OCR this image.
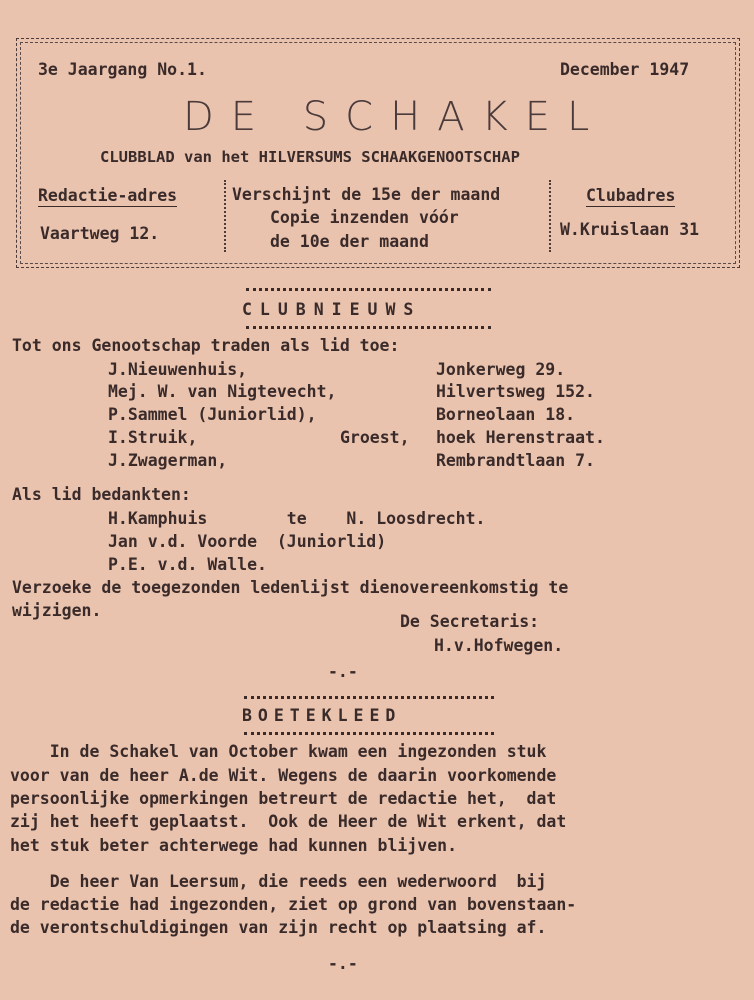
3e Jaargang No.1.	December 1947
DE SCHAKEL
CLUBBLAD van het HILVERSUMS SCHAAKGENOOTSCHAP
Redactie-adres
Vaartweg 12.
Verschijnt de 15e der maand
Copie inzenden vóór
de 10e der maand
Clubadres
W.Kruislaan 31
CLUBNIEUWS
Tot ons Genootschap traden als lid toe:
J.Nieuwenhuis,	Jonkerweg 29.
Mej. W. van Nigtevecht,	Hilvertsweg 152.
P.Sammel (Juniorlid),	Borneolaan 18.
I.Struik,	Groest, hoek Herenstraat.
J.Zwagerman,	Rembrandtlaan 7.
Als lid bedankten:
H.Kamphuis        te    N. Loosdrecht.
Jan v.d. Voorde  (Juniorlid)
P.E. v.d. Walle.
Verzoeke de toegezonden ledenlijst dienovereenkomstig te
wijzigen.
De Secretaris:
H.v.Hofwegen.
-.-
BOETEKLEED
In de Schakel van October kwam een ingezonden stuk
voor van de heer A.de Wit. Wegens de daarin voorkomende
persoonlijke opmerkingen betreurt de redactie het,  dat
zij het heeft geplaatst.  Ook de Heer de Wit erkent, dat
het stuk beter achterwege had kunnen blijven.
De heer Van Leersum, die reeds een wederwoord  bij
de redactie had ingezonden, ziet op grond van bovenstaan-
de verontschuldigingen van zijn recht op plaatsing af.
-.-
